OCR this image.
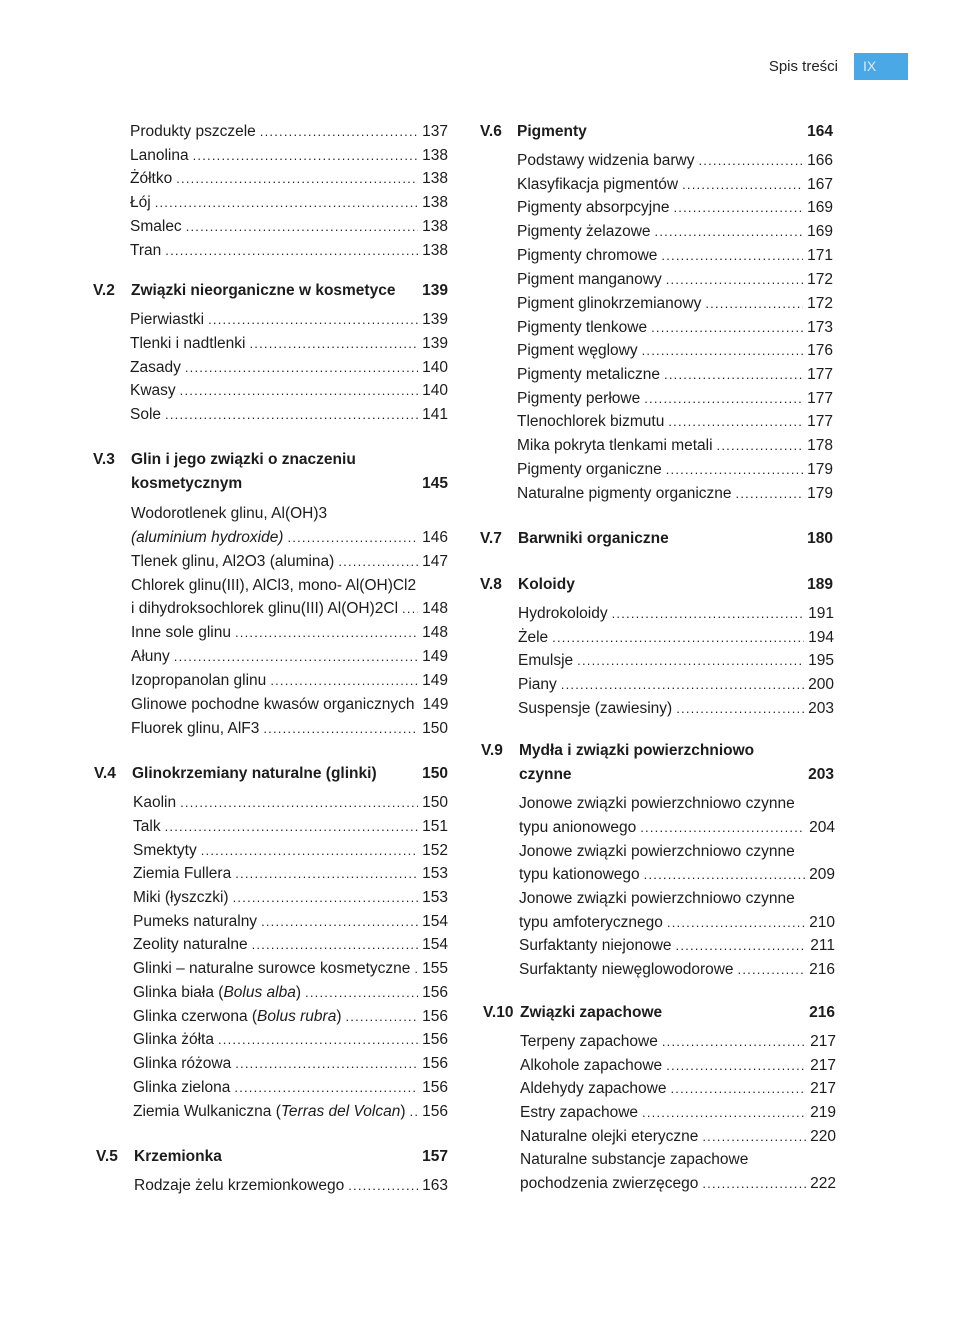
Spis treści	IX
Produkty pszczele .....	137
Lanolina .....	138
Żółtko .....	138
Łój .....	138
Smalec .....	138
Tran .....	138
V.2	Związki nieorganiczne w kosmetyce	139
Pierwiastki .....	139
Tlenki i nadtlenki .....	139
Zasady .....	140
Kwasy .....	140
Sole .....	141
V.3	Glin i jego związki o znaczeniu
kosmetycznym	145
Wodorotlenek glinu, Al(OH)3
(aluminium hydroxide) .....	146
Tlenek glinu, Al2O3 (alumina) .....	147
Chlorek glinu(III), AlCl3, mono- Al(OH)Cl2
i dihydroksochlorek glinu(III) Al(OH)2Cl ..... 148
Inne sole glinu .....	148
Ałuny .....	149
Izopropanolan glinu .....	149
Glinowe pochodne kwasów organicznych 149
Fluorek glinu, AlF3 .....	150
V.4	Glinokrzemiany naturalne (glinki)	150
Kaolin .....	150
Talk .....	151
Smektyty .....	152
Ziemia Fullera .....	153
Miki (łyszczki) .....	153
Pumeks naturalny .....	154
Zeolity naturalne .....	154
Glinki – naturalne surowce kosmetyczne ..... 155
Glinka biała (Bolus alba) .....	156
Glinka czerwona (Bolus rubra) .....	156
Glinka żółta .....	156
Glinka różowa .....	156
Glinka zielona .....	156
Ziemia Wulkaniczna (Terras del Volcan) ..... 156
V.5	Krzemionka	157
Rodzaje żelu krzemionkowego .....	163
V.6 Pigmenty	164
Podstawy widzenia barwy .....	166
Klasyfikacja pigmentów .....	167
Pigmenty absorpcyjne .....	169
Pigmenty żelazowe .....	169
Pigmenty chromowe .....	171
Pigment manganowy .....	172
Pigment glinokrzemianowy .....	172
Pigmenty tlenkowe .....	173
Pigment węglowy .....	176
Pigmenty metaliczne .....	177
Pigmenty perłowe .....	177
Tlenochlorek bizmutu .....	177
Mika pokryta tlenkami metali .....	178
Pigmenty organiczne .....	179
Naturalne pigmenty organiczne .....	179
V.7	Barwniki organiczne	180
V.8	Koloidy	189
Hydrokoloidy .....	191
Żele .....	194
Emulsje .....	195
Piany .....	200
Suspensje (zawiesiny) .....	203
V.9	Mydła i związki powierzchniowo
czynne	203
Jonowe związki powierzchniowo czynne
typu anionowego .....	204
Jonowe związki powierzchniowo czynne
typu kationowego .....	209
Jonowe związki powierzchniowo czynne
typu amfoterycznego .....	210
Surfaktanty niejonowe .....	211
Surfaktanty niewęglowodorowe .....	216
V.10 Związki zapachowe	216
Terpeny zapachowe .....	217
Alkohole zapachowe .....	217
Aldehydy zapachowe .....	217
Estry zapachowe .....	219
Naturalne olejki eteryczne .....	220
Naturalne substancje zapachowe
pochodzenia zwierzęcego .....	222
